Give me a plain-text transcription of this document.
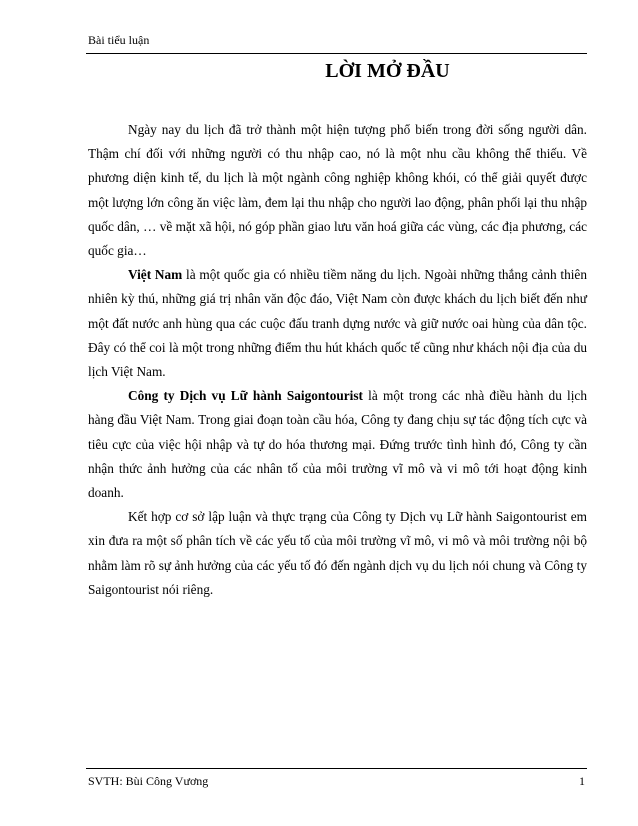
Bài tiểu luận
LỜI MỞ ĐẦU

Ngày nay du lịch đã trở thành một hiện tượng phổ biến trong đời sống người dân. Thậm chí đối với những người có thu nhập cao, nó là một nhu cầu không thể thiếu. Về phương diện kinh tế, du lịch là một ngành công nghiệp không khói, có thể giải quyết được một lượng lớn công ăn việc làm, đem lại thu nhập cho người lao động, phân phối lại thu nhập quốc dân, … về mặt xã hội, nó góp phần giao lưu văn hoá giữa các vùng, các địa phương, các quốc gia…

Việt Nam là một quốc gia có nhiều tiềm năng du lịch. Ngoài những thắng cảnh thiên nhiên kỳ thú, những giá trị nhân văn độc đáo, Việt Nam còn được khách du lịch biết đến như một đất nước anh hùng qua các cuộc đấu tranh dựng nước và giữ nước oai hùng của dân tộc. Đây có thể coi là một trong những điểm thu hút khách quốc tế cũng như khách nội địa của du lịch Việt Nam.

Công ty Dịch vụ Lữ hành Saigontourist là một trong các nhà điều hành du lịch hàng đầu Việt Nam. Trong giai đoạn toàn cầu hóa, Công ty đang chịu sự tác động tích cực và tiêu cực của việc hội nhập và tự do hóa thương mại. Đứng trước tình hình đó, Công ty cần nhận thức ảnh hưởng của các nhân tố của môi trường vĩ mô và vi mô tới hoạt động kinh doanh.

Kết hợp cơ sở lập luận và thực trạng của Công ty Dịch vụ Lữ hành Saigontourist em xin đưa ra một số phân tích về các yếu tố của môi trường vĩ mô, vi mô và môi trường nội bộ nhằm làm rõ sự ảnh hưởng của các yếu tố đó đến ngành dịch vụ du lịch nói chung và Công ty Saigontourist nói riêng.

SVTH: Bùi Công Vương	1
